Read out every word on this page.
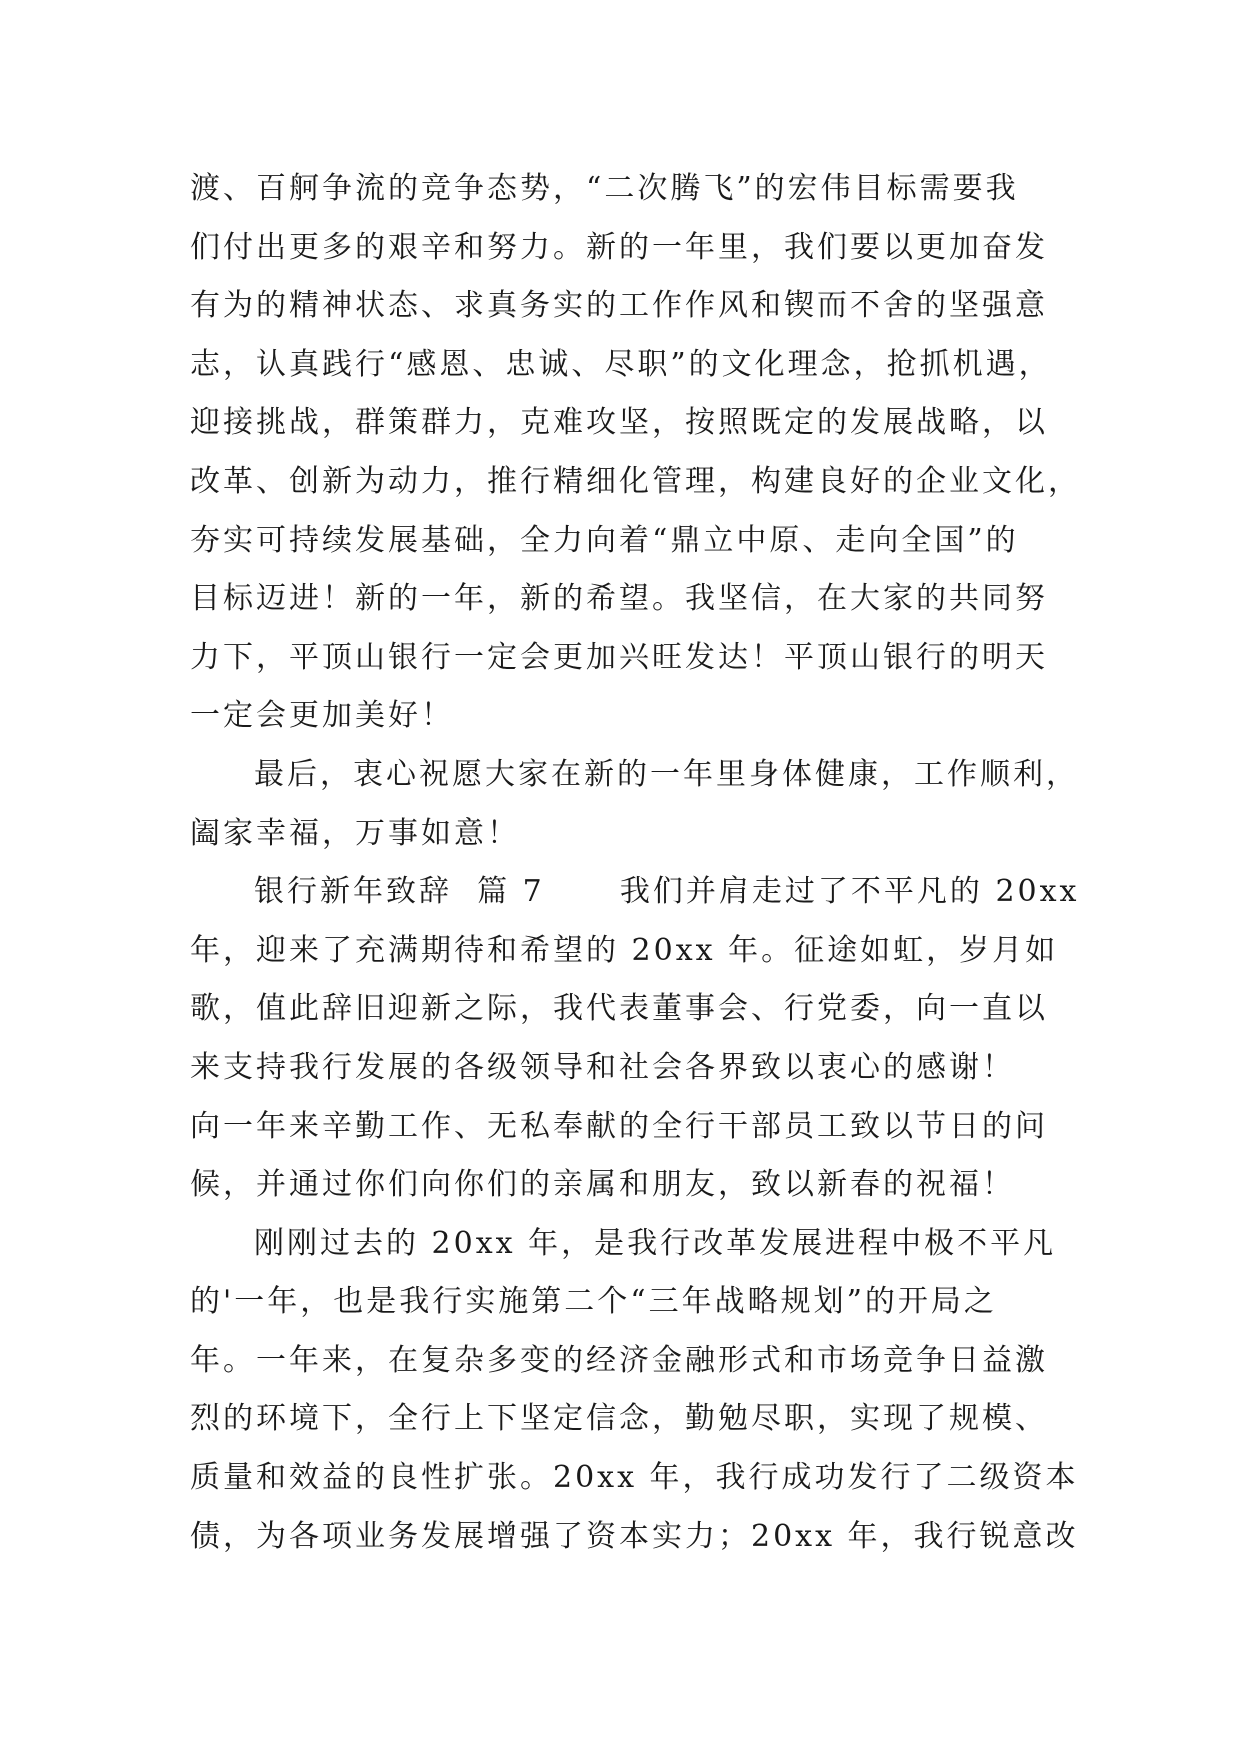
渡、百舸争流的竞争态势，“二次腾飞”的宏伟目标需要我
们付出更多的艰辛和努力。新的一年里，我们要以更加奋发
有为的精神状态、求真务实的工作作风和锲而不舍的坚强意
志，认真践行“感恩、忠诚、尽职”的文化理念，抢抓机遇，
迎接挑战，群策群力，克难攻坚，按照既定的发展战略，以
改革、创新为动力，推行精细化管理，构建良好的企业文化，
夯实可持续发展基础，全力向着“鼎立中原、走向全国”的
目标迈进！新的一年，新的希望。我坚信，在大家的共同努
力下，平顶山银行一定会更加兴旺发达！平顶山银行的明天
一定会更加美好！
最后，衷心祝愿大家在新的一年里身体健康，工作顺利，
阖家幸福，万事如意！
银行新年致辞  篇 7      我们并肩走过了不平凡的 20xx
年，迎来了充满期待和希望的 20xx 年。征途如虹，岁月如
歌，值此辞旧迎新之际，我代表董事会、行党委，向一直以
来支持我行发展的各级领导和社会各界致以衷心的感谢！
向一年来辛勤工作、无私奉献的全行干部员工致以节日的问
候，并通过你们向你们的亲属和朋友，致以新春的祝福！
刚刚过去的 20xx 年，是我行改革发展进程中极不平凡
的'一年，也是我行实施第二个“三年战略规划”的开局之
年。一年来，在复杂多变的经济金融形式和市场竞争日益激
烈的环境下，全行上下坚定信念，勤勉尽职，实现了规模、
质量和效益的良性扩张。20xx 年，我行成功发行了二级资本
债，为各项业务发展增强了资本实力；20xx 年，我行锐意改
